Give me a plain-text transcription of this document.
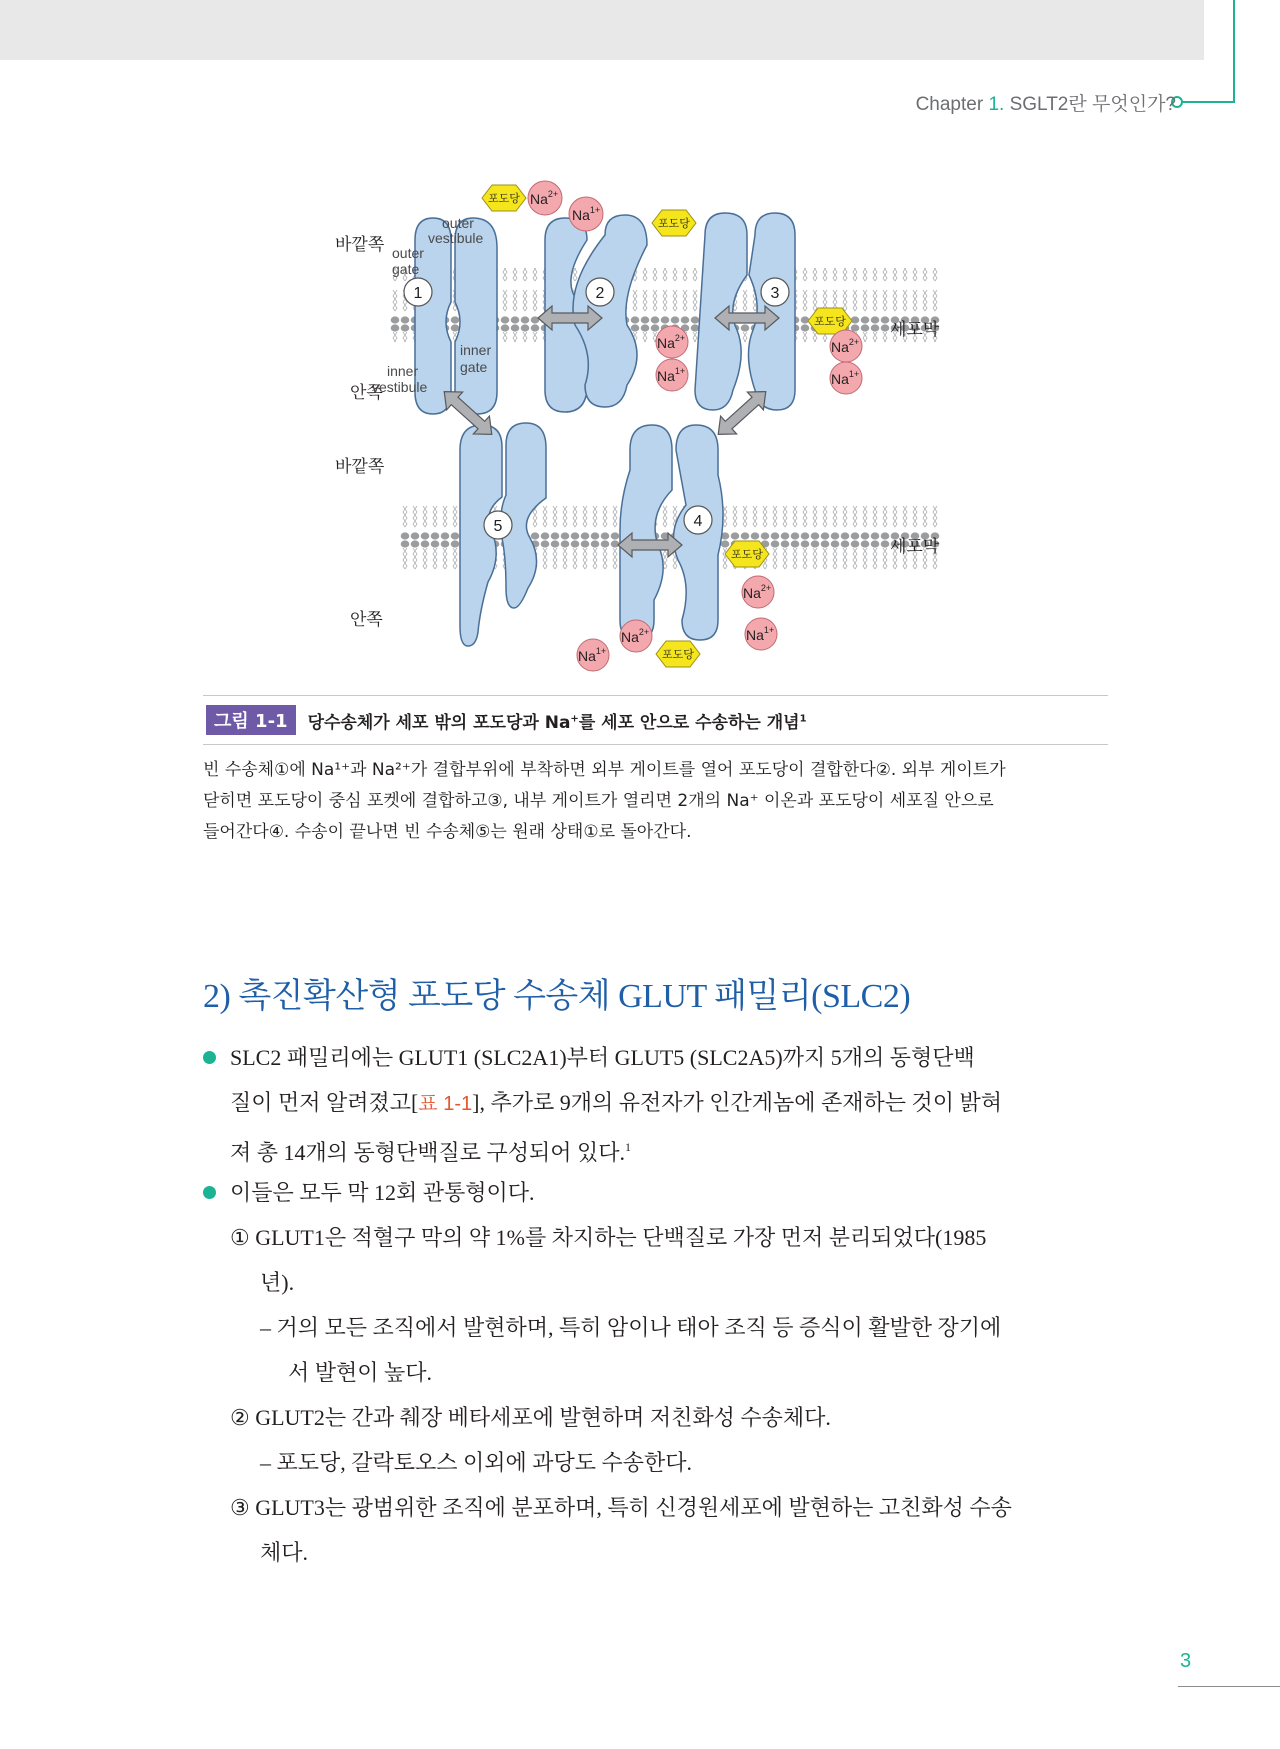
Chapter 1. SGLT2란 무엇인가?
바깥쪽
안쪽
바깥쪽
안쪽
세포막
세포막
outer
gate
outer
vestibule
inner
gate
inner
vestibule
1	2	3
4
5
포도당
포도당
포도당
포도당
포도당
$Na^{2+}$
$Na^{1+}$
$Na^{2+}$
$Na^{1+}$
$Na^{2+}$
$Na^{1+}$
$Na^{2+}$
$Na^{1+}$
$Na^{2+}$
$Na^{1+}$
그림 1-1	당수송체가 세포 밖의 포도당과 Na+를 세포 안으로 수송하는 개념$^1$

빈 수송체①에 Na¹⁺과 Na²⁺가 결합부위에 부착하면 외부 게이트를 열어 포도당이 결합한다②. 외부 게이트가

닫히면 포도당이 중심 포켓에 결합하고③, 내부 게이트가 열리면 2개의 Na⁺ 이온과 포도당이 세포질 안으로

들어간다④. 수송이 끝나면 빈 수송체⑤는 원래 상태①로 돌아간다.

2) 촉진확산형 포도당 수송체 GLUT 패밀리(SLC2)
SLC2 패밀리에는 GLUT1 (SLC2A1)부터 GLUT5 (SLC2A5)까지 5개의 동형단백
질이 먼저 알려졌고[표 1-1], 추가로 9개의 유전자가 인간게놈에 존재하는 것이 밝혀
져 총 14개의 동형단백질로 구성되어 있다.$^1$
이들은 모두 막 12회 관통형이다.
① GLUT1은 적혈구 막의 약 1%를 차지하는 단백질로 가장 먼저 분리되었다(1985
년).
– 거의 모든 조직에서 발현하며, 특히 암이나 태아 조직 등 증식이 활발한 장기에
서 발현이 높다.
② GLUT2는 간과 췌장 베타세포에 발현하며 저친화성 수송체다.
– 포도당, 갈락토오스 이외에 과당도 수송한다.
③ GLUT3는 광범위한 조직에 분포하며, 특히 신경원세포에 발현하는 고친화성 수송
체다.
3
